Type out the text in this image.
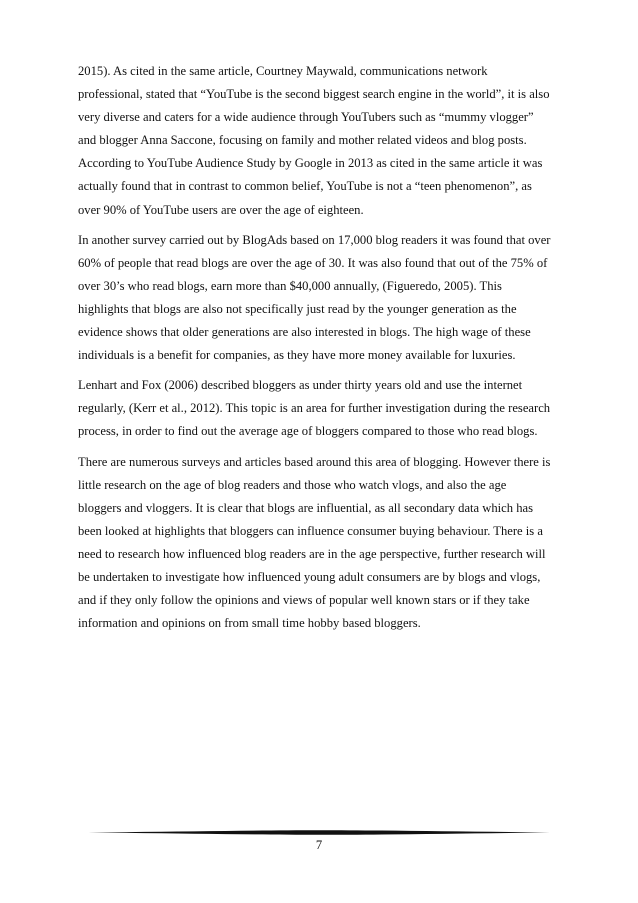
2015). As cited in the same article, Courtney Maywald, communications network
professional, stated that “YouTube is the second biggest search engine in the world”, it is also
very diverse and caters for a wide audience through YouTubers such as “mummy vlogger”
and blogger Anna Saccone, focusing on family and mother related videos and blog posts.
According to YouTube Audience Study by Google in 2013 as cited in the same article it was
actually found that in contrast to common belief, YouTube is not a “teen phenomenon”, as
over 90% of YouTube users are over the age of eighteen.

In another survey carried out by BlogAds based on 17,000 blog readers it was found that over
60% of people that read blogs are over the age of 30. It was also found that out of the 75% of
over 30’s who read blogs, earn more than $40,000 annually, (Figueredo, 2005). This
highlights that blogs are also not specifically just read by the younger generation as the
evidence shows that older generations are also interested in blogs. The high wage of these
individuals is a benefit for companies, as they have more money available for luxuries.

Lenhart and Fox (2006) described bloggers as under thirty years old and use the internet
regularly, (Kerr et al., 2012). This topic is an area for further investigation during the research
process, in order to find out the average age of bloggers compared to those who read blogs.

There are numerous surveys and articles based around this area of blogging. However there is
little research on the age of blog readers and those who watch vlogs, and also the age
bloggers and vloggers. It is clear that blogs are influential, as all secondary data which has
been looked at highlights that bloggers can influence consumer buying behaviour. There is a
need to research how influenced blog readers are in the age perspective, further research will
be undertaken to investigate how influenced young adult consumers are by blogs and vlogs,
and if they only follow the opinions and views of popular well known stars or if they take
information and opinions on from small time hobby based bloggers.

7
